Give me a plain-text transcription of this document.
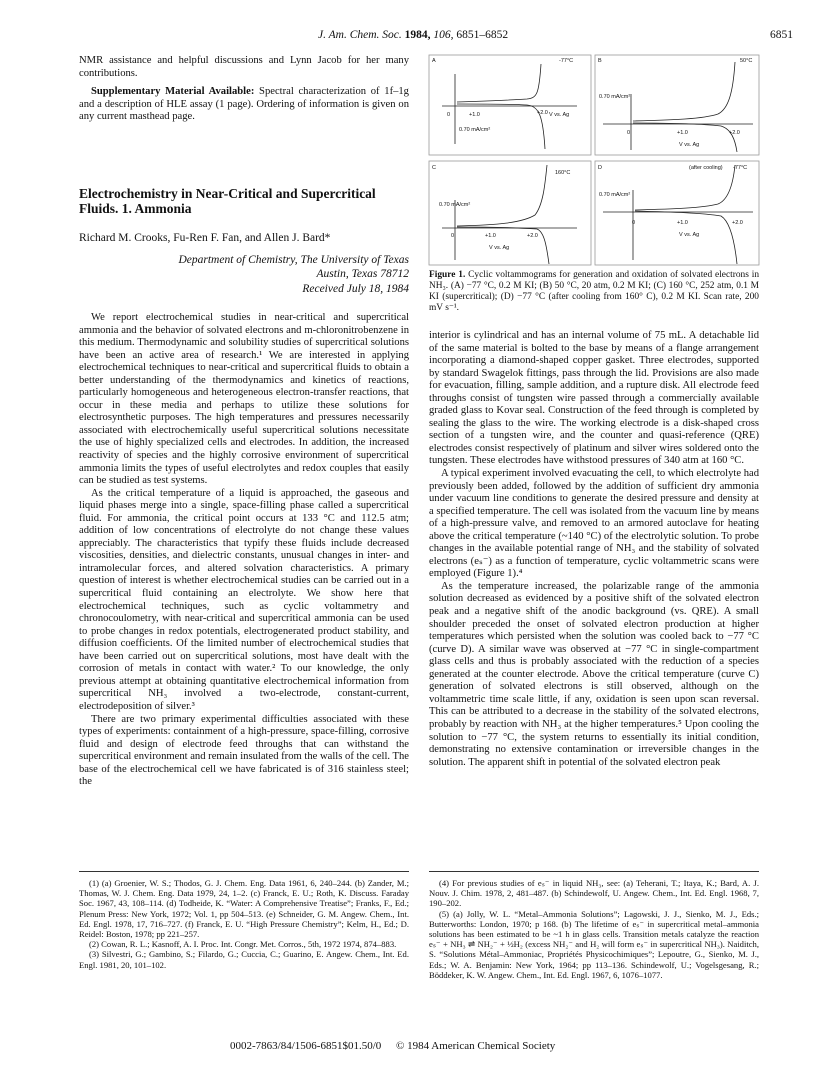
J. Am. Chem. Soc. 1984, 106, 6851–6852	6851

NMR assistance and helpful discussions and Lynn Jacob for her many contributions.

Supplementary Material Available: Spectral characterization of 1f–1g and a description of HLE assay (1 page). Ordering of information is given on any current masthead page.

Electrochemistry in Near-Critical and Supercritical Fluids. 1. Ammonia
Richard M. Crooks, Fu-Ren F. Fan, and Allen J. Bard*
Department of Chemistry, The University of Texas
Austin, Texas 78712
Received July 18, 1984

We report electrochemical studies in near-critical and supercritical ammonia and the behavior of solvated electrons and m-chloronitrobenzene in this medium. Thermodynamic and solubility studies of supercritical solutions have been an active area of research.¹ We are interested in applying electrochemical techniques to near-critical and supercritical fluids to obtain a better understanding of the thermodynamics and kinetics of reactions, particularly homogeneous and heterogeneous electron-transfer reactions, that occur in these media and perhaps to utilize these solutions for electrosynthetic purposes. The high temperatures and pressures necessarily associated with electrochemically useful supercritical solutions necessitate the use of highly specialized cells and electrodes. In addition, the increased reactivity of species and the highly corrosive environment of supercritical ammonia limits the types of useful electrolytes and redox couples that easily can be studied as test systems.

As the critical temperature of a liquid is approached, the gaseous and liquid phases merge into a single, space-filling phase called a supercritical fluid. For ammonia, the critical point occurs at 133 °C and 112.5 atm; addition of low concentrations of electrolyte do not change these values appreciably. The characteristics that typify these fluids include decreased viscosities, densities, and dielectric constants, unusual changes in inter- and intramolecular forces, and altered solvation characteristics. A primary question of interest is whether electrochemical studies can be carried out in a supercritical fluid containing an electrolyte. We show here that electrochemical techniques, such as cyclic voltammetry and chronocoulometry, with near-critical and supercritical ammonia can be used to probe changes in redox potentials, electrogenerated product stability, and diffusion coefficients. Of the limited number of electrochemical studies that have been carried out on supercritical solutions, most have dealt with the corrosion of metals in contact with water.² To our knowledge, the only previous attempt at obtaining quantitative electrochemical information from supercritical NH₃ involved a two-electrode, constant-current, electrodeposition of silver.³

There are two primary experimental difficulties associated with these types of experiments: containment of a high-pressure, space-filling, corrosive fluid and design of electrode feed throughs that can withstand the supercritical environment and remain insulated from the walls of the cell. The base of the electrochemical cell we have fabricated is of 316 stainless steel; the

A	-77°C
+1.0	+2.0
0	V vs. Ag
0.70 mA/cm²
B	50°C
0.70 mA/cm²
0	+1.0	+2.0
V vs. Ag
C
160°C
0.70 mA/cm²
0	+1.0	+2.0
V vs. Ag
D	(after cooling) -77°C
0.70 mA/cm²
0	+1.0	+2.0
V vs. Ag
Figure 1. Cyclic voltammograms for generation and oxidation of solvated electrons in NH₃. (A) −77 °C, 0.2 M KI; (B) 50 °C, 20 atm, 0.2 M KI; (C) 160 °C, 252 atm, 0.1 M KI (supercritical); (D) −77 °C (after cooling from 160° C), 0.2 M KI. Scan rate, 200 mV s⁻¹.

interior is cylindrical and has an internal volume of 75 mL. A detachable lid of the same material is bolted to the base by means of a flange arrangement incorporating a diamond-shaped copper gasket. Three electrodes, supported by standard Swagelok fittings, pass through the lid. Provisions are also made for evacuation, filling, sample addition, and a rupture disk. All electrode feed throughs consist of tungsten wire passed through a commercially available graded glass to Kovar seal. Construction of the feed through is completed by sealing the glass to the wire. The working electrode is a disk-shaped cross section of a tungsten wire, and the counter and quasi-reference (QRE) electrodes consist respectively of platinum and silver wires soldered onto the tungsten. These electrodes have withstood pressures of 340 atm at 160 °C.

A typical experiment involved evacuating the cell, to which electrolyte had previously been added, followed by the addition of sufficient dry ammonia under vacuum line conditions to generate the desired pressure and density at a specified temperature. The cell was isolated from the vacuum line by means of a high-pressure valve, and removed to an armored autoclave for heating above the critical temperature (~140 °C) of the electrolytic solution. To probe changes in the available potential range of NH₃ and the stability of solvated electrons (eₛ⁻) as a function of temperature, cyclic voltammetric scans were employed (Figure 1).⁴

As the temperature increased, the polarizable range of the ammonia solution decreased as evidenced by a positive shift of the solvated electron peak and a negative shift of the anodic background (vs. QRE). A small shoulder preceded the onset of solvated electron production at higher temperatures which persisted when the solution was cooled back to −77 °C (curve D). A similar wave was observed at −77 °C in single-compartment glass cells and thus is probably associated with the reduction of a species generated at the counter electrode. Above the critical temperature (curve C) generation of solvated electrons is still observed, although on the voltammetric time scale little, if any, oxidation is seen upon scan reversal. This can be attributed to a decrease in the stability of the solvated electrons, probably by reaction with NH₃ at the higher temperatures.⁵ Upon cooling the solution to −77 °C, the system returns to essentially its initial condition, demonstrating no extensive contamination or irreversible changes in the solution. The apparent shift in potential of the solvated electron peak

(1) (a) Groenier, W. S.; Thodos, G. J. Chem. Eng. Data 1961, 6, 240–244. (b) Zander, M.; Thomas, W. J. Chem. Eng. Data 1979, 24, 1–2. (c) Franck, E. U.; Roth, K. Discuss. Faraday Soc. 1967, 43, 108–114. (d) Todheide, K. “Water: A Comprehensive Treatise”; Franks, F., Ed.; Plenum Press: New York, 1972; Vol. 1, pp 504–513. (e) Schneider, G. M. Angew. Chem., Int. Ed. Engl. 1978, 17, 716–727. (f) Franck, E. U. “High Pressure Chemistry”; Kelm, H., Ed.; D. Reidel: Boston, 1978; pp 221–257.

(2) Cowan, R. L.; Kasnoff, A. I. Proc. Int. Congr. Met. Corros., 5th, 1972 1974, 874–883.

(3) Silvestri, G.; Gambino, S.; Filardo, G.; Cuccia, C.; Guarino, E. Angew. Chem., Int. Ed. Engl. 1981, 20, 101–102.

(4) For previous studies of eₛ⁻ in liquid NH₃, see: (a) Teherani, T.; Itaya, K.; Bard, A. J. Nouv. J. Chim. 1978, 2, 481–487. (b) Schindewolf, U. Angew. Chem., Int. Ed. Engl. 1968, 7, 190–202.

(5) (a) Jolly, W. L. “Metal–Ammonia Solutions”; Lagowski, J. J., Sienko, M. J., Eds.; Butterworths: London, 1970; p 168. (b) The lifetime of eₛ⁻ in supercritical metal–ammonia solutions has been estimated to be ~1 h in glass cells. Transition metals catalyze the reaction eₛ⁻ + NH₃ ⇌ NH₂⁻ + ½H₂ (excess NH₂⁻ and H₂ will form eₛ⁻ in supercritical NH₃). Naiditch, S. “Solutions Métal–Ammoniac, Propriétés Physicochimiques”; Lepoutre, G., Sienko, M. J., Eds.; W. A. Benjamin: New York, 1964; pp 113–136. Schindewolf, U.; Vogelsgesang, R.; Böddeker, K. W. Angew. Chem., Int. Ed. Engl. 1967, 6, 1076–1077.

0002-7863/84/1506-6851$01.50/0 © 1984 American Chemical Society
